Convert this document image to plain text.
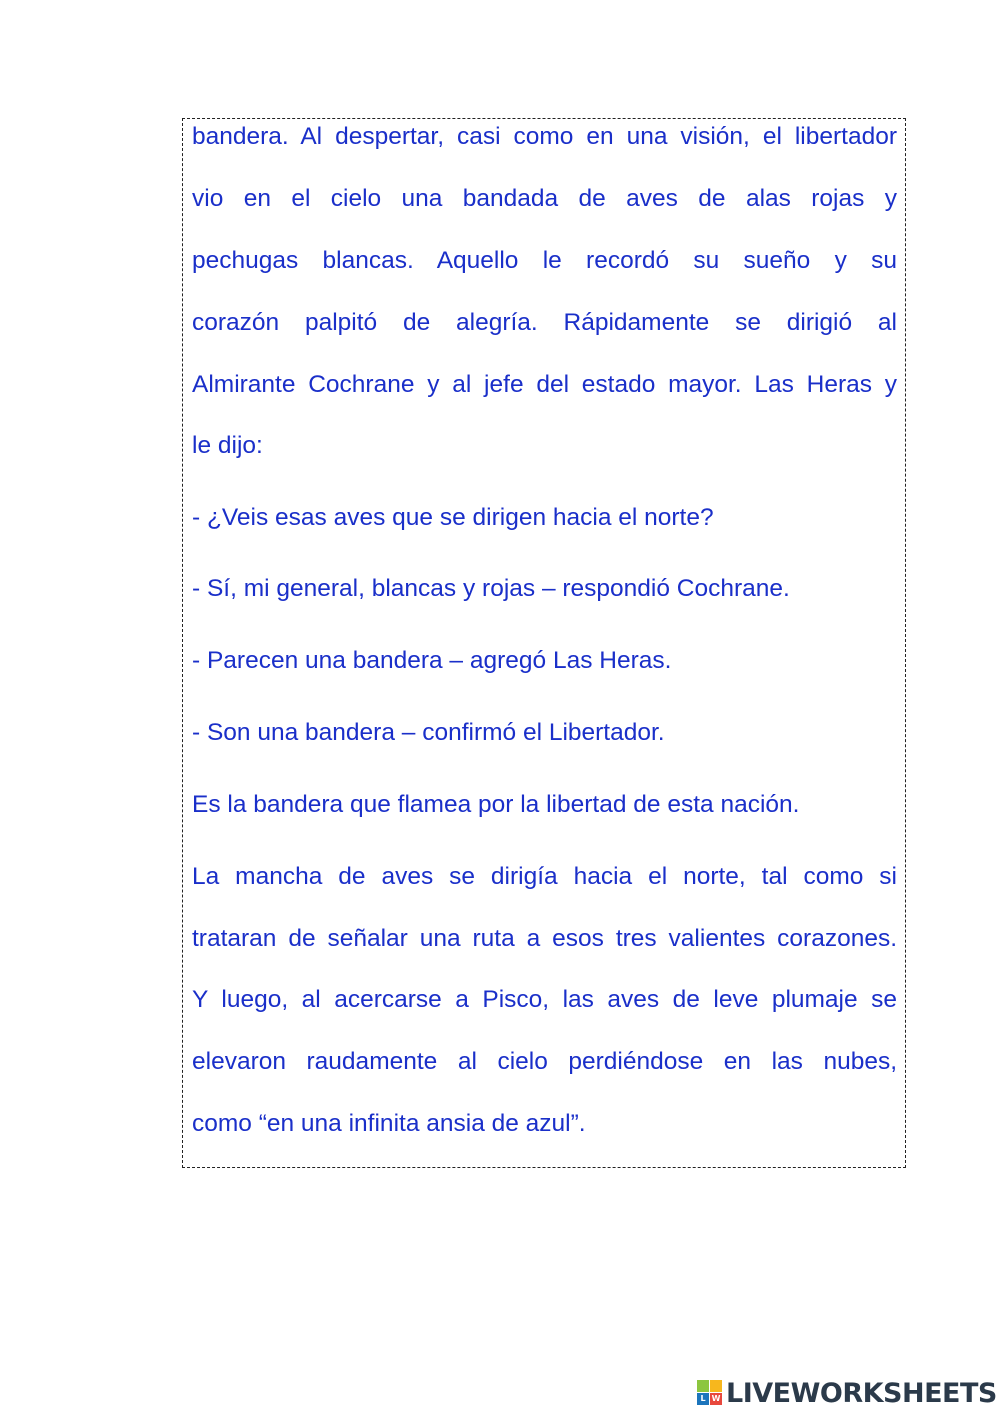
bandera. Al despertar, casi como en una visión, el libertador
vio en el cielo una bandada de aves de alas rojas y
pechugas blancas. Aquello le recordó su sueño y su
corazón palpitó de alegría. Rápidamente se dirigió al
Almirante Cochrane y al jefe del estado mayor. Las Heras y
le dijo:
- ¿Veis esas aves que se dirigen hacia el norte?
- Sí, mi general, blancas y rojas – respondió Cochrane.
- Parecen una bandera – agregó Las Heras.
- Son una bandera – confirmó el Libertador.
Es la bandera que flamea por la libertad de esta nación.
La mancha de aves se dirigía hacia el norte, tal como si
trataran de señalar una ruta a esos tres valientes corazones.
Y luego, al acercarse a Pisco, las aves de leve plumaje se
elevaron raudamente al cielo perdiéndose en las nubes,
como “en una infinita ansia de azul”.
L W LIVEWORKSHEETS
